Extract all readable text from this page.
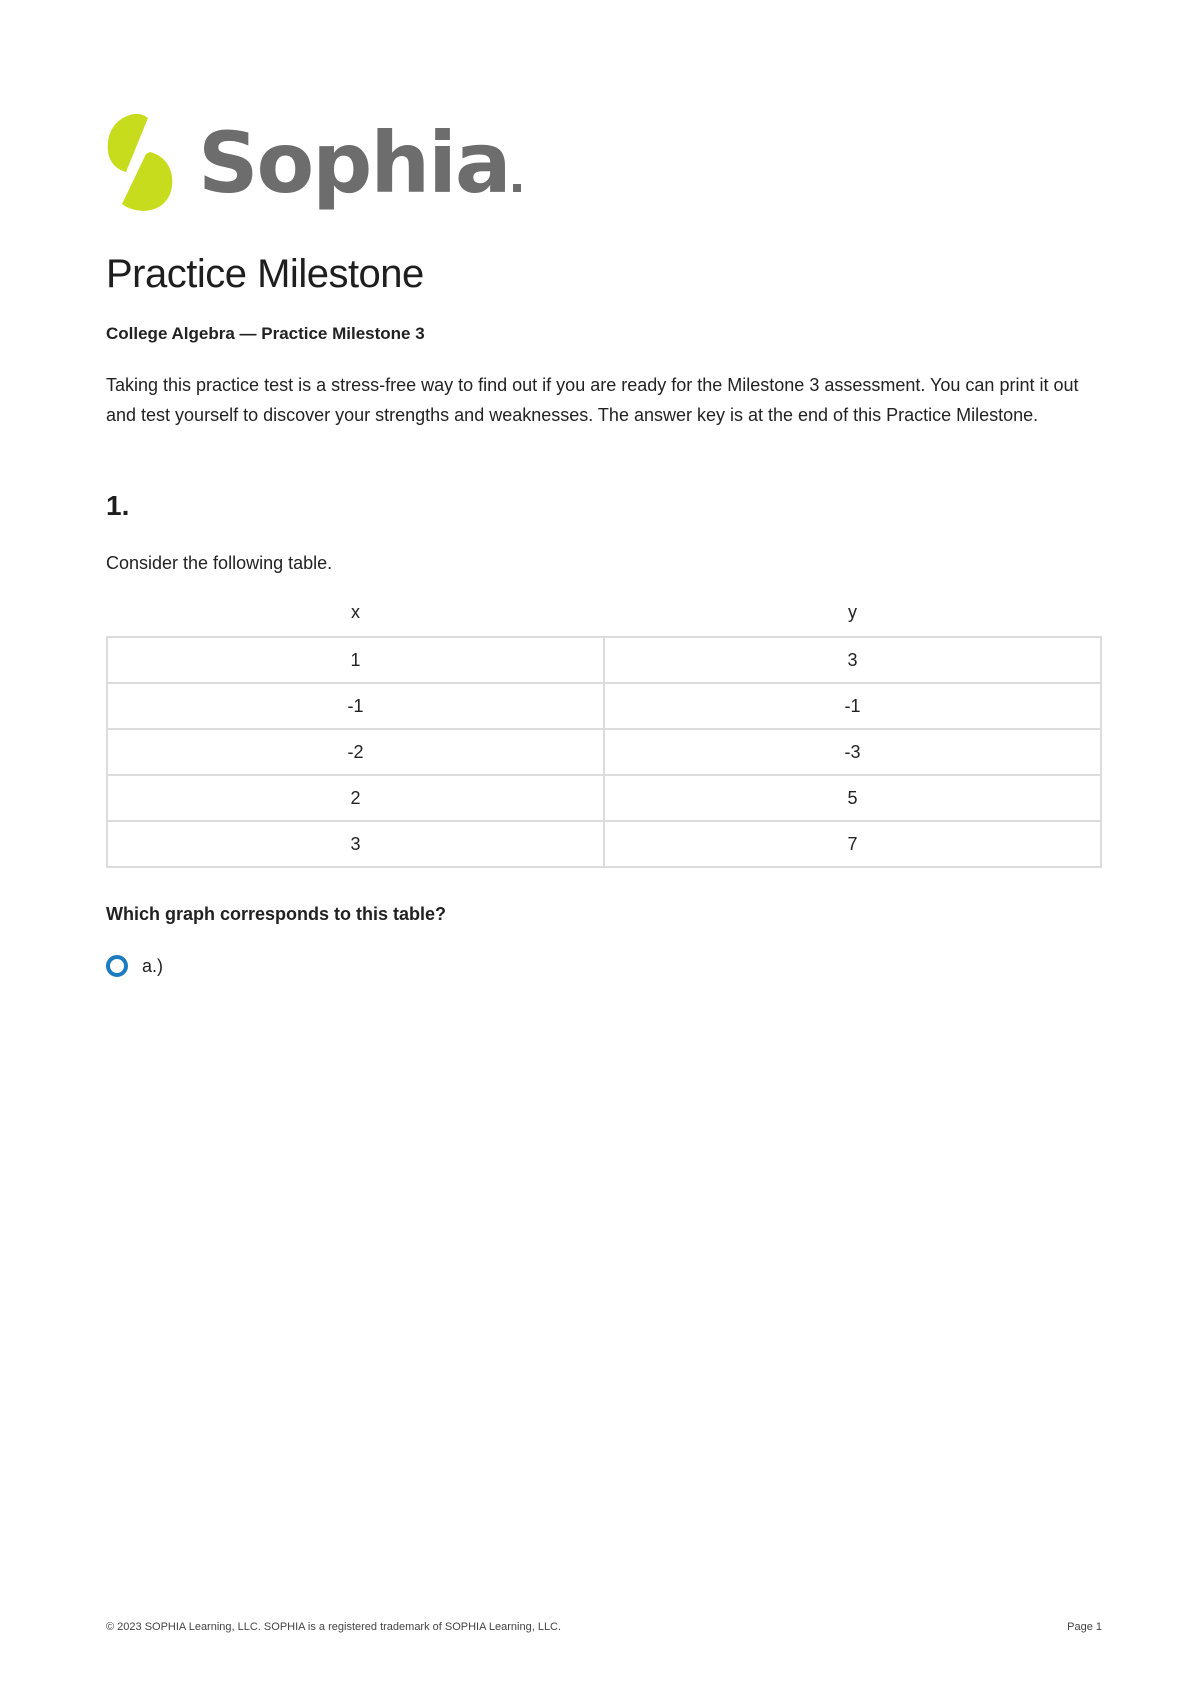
Sophia
Practice Milestone
College Algebra — Practice Milestone 3
Taking this practice test is a stress-free way to find out if you are ready for the Milestone 3 assessment. You can print it out and test yourself to discover your strengths and weaknesses. The answer key is at the end of this Practice Milestone.
1.
Consider the following table.
x	y
1	3
-1	-1
-2	-3
2	5
3	7
Which graph corresponds to this table?
a.)
© 2023 SOPHIA Learning, LLC. SOPHIA is a registered trademark of SOPHIA Learning, LLC.	Page 1
